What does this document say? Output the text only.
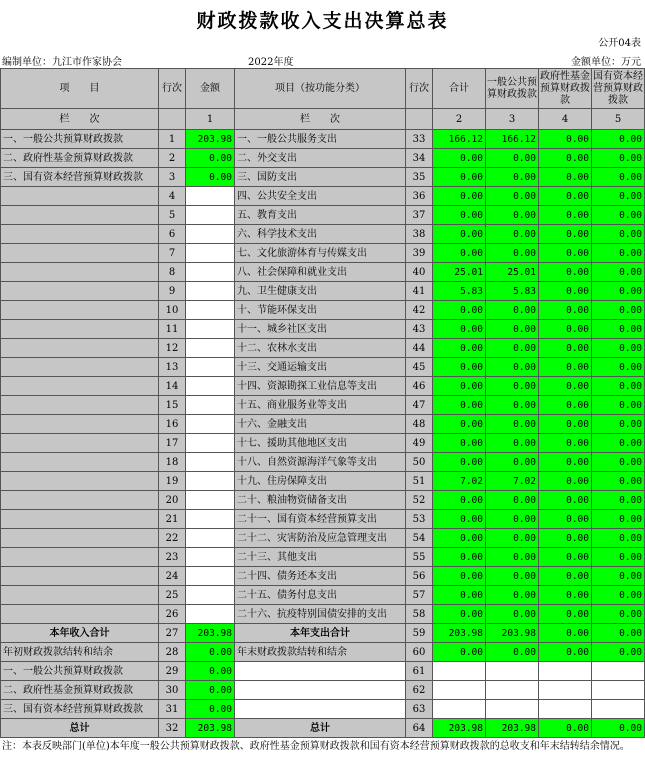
财政拨款收入支出决算总表
公开04表
编制单位：九江市作家协会	2022年度	金额单位：万元
项　　目	行次	金额	项目（按功能分类）	行次	合计	一般公共预算财政拨款	政府性基金预算财政拨款	国有资本经营预算财政拨款
栏　　次		1	栏　　次		2	3	4	5
一、一般公共预算财政拨款	1	203.98	一、一般公共服务支出	33	166.12	166.12	0.00	0.00
二、政府性基金预算财政拨款	2	0.00	二、外交支出	34	0.00	0.00	0.00	0.00
三、国有资本经营预算财政拨款	3	0.00	三、国防支出	35	0.00	0.00	0.00	0.00
	4		四、公共安全支出	36	0.00	0.00	0.00	0.00
	5		五、教育支出	37	0.00	0.00	0.00	0.00
	6		六、科学技术支出	38	0.00	0.00	0.00	0.00
	7		七、文化旅游体育与传媒支出	39	0.00	0.00	0.00	0.00
	8		八、社会保障和就业支出	40	25.01	25.01	0.00	0.00
	9		九、卫生健康支出	41	5.83	5.83	0.00	0.00
	10		十、节能环保支出	42	0.00	0.00	0.00	0.00
	11		十一、城乡社区支出	43	0.00	0.00	0.00	0.00
	12		十二、农林水支出	44	0.00	0.00	0.00	0.00
	13		十三、交通运输支出	45	0.00	0.00	0.00	0.00
	14		十四、资源勘探工业信息等支出	46	0.00	0.00	0.00	0.00
	15		十五、商业服务业等支出	47	0.00	0.00	0.00	0.00
	16		十六、金融支出	48	0.00	0.00	0.00	0.00
	17		十七、援助其他地区支出	49	0.00	0.00	0.00	0.00
	18		十八、自然资源海洋气象等支出	50	0.00	0.00	0.00	0.00
	19		十九、住房保障支出	51	7.02	7.02	0.00	0.00
	20		二十、粮油物资储备支出	52	0.00	0.00	0.00	0.00
	21		二十一、国有资本经营预算支出	53	0.00	0.00	0.00	0.00
	22		二十二、灾害防治及应急管理支出	54	0.00	0.00	0.00	0.00
	23		二十三、其他支出	55	0.00	0.00	0.00	0.00
	24		二十四、债务还本支出	56	0.00	0.00	0.00	0.00
	25		二十五、债务付息支出	57	0.00	0.00	0.00	0.00
	26		二十六、抗疫特别国债安排的支出	58	0.00	0.00	0.00	0.00
本年收入合计	27	203.98	本年支出合计	59	203.98	203.98	0.00	0.00
年初财政拨款结转和结余	28	0.00	年末财政拨款结转和结余	60	0.00	0.00	0.00	0.00
一、一般公共预算财政拨款	29	0.00		61				
二、政府性基金预算财政拨款	30	0.00		62				
三、国有资本经营预算财政拨款	31	0.00		63				
总计	32	203.98	总计	64	203.98	203.98	0.00	0.00
注：本表反映部门(单位)本年度一般公共预算财政拨款、政府性基金预算财政拨款和国有资本经营预算财政拨款的总收支和年末结转结余情况。
